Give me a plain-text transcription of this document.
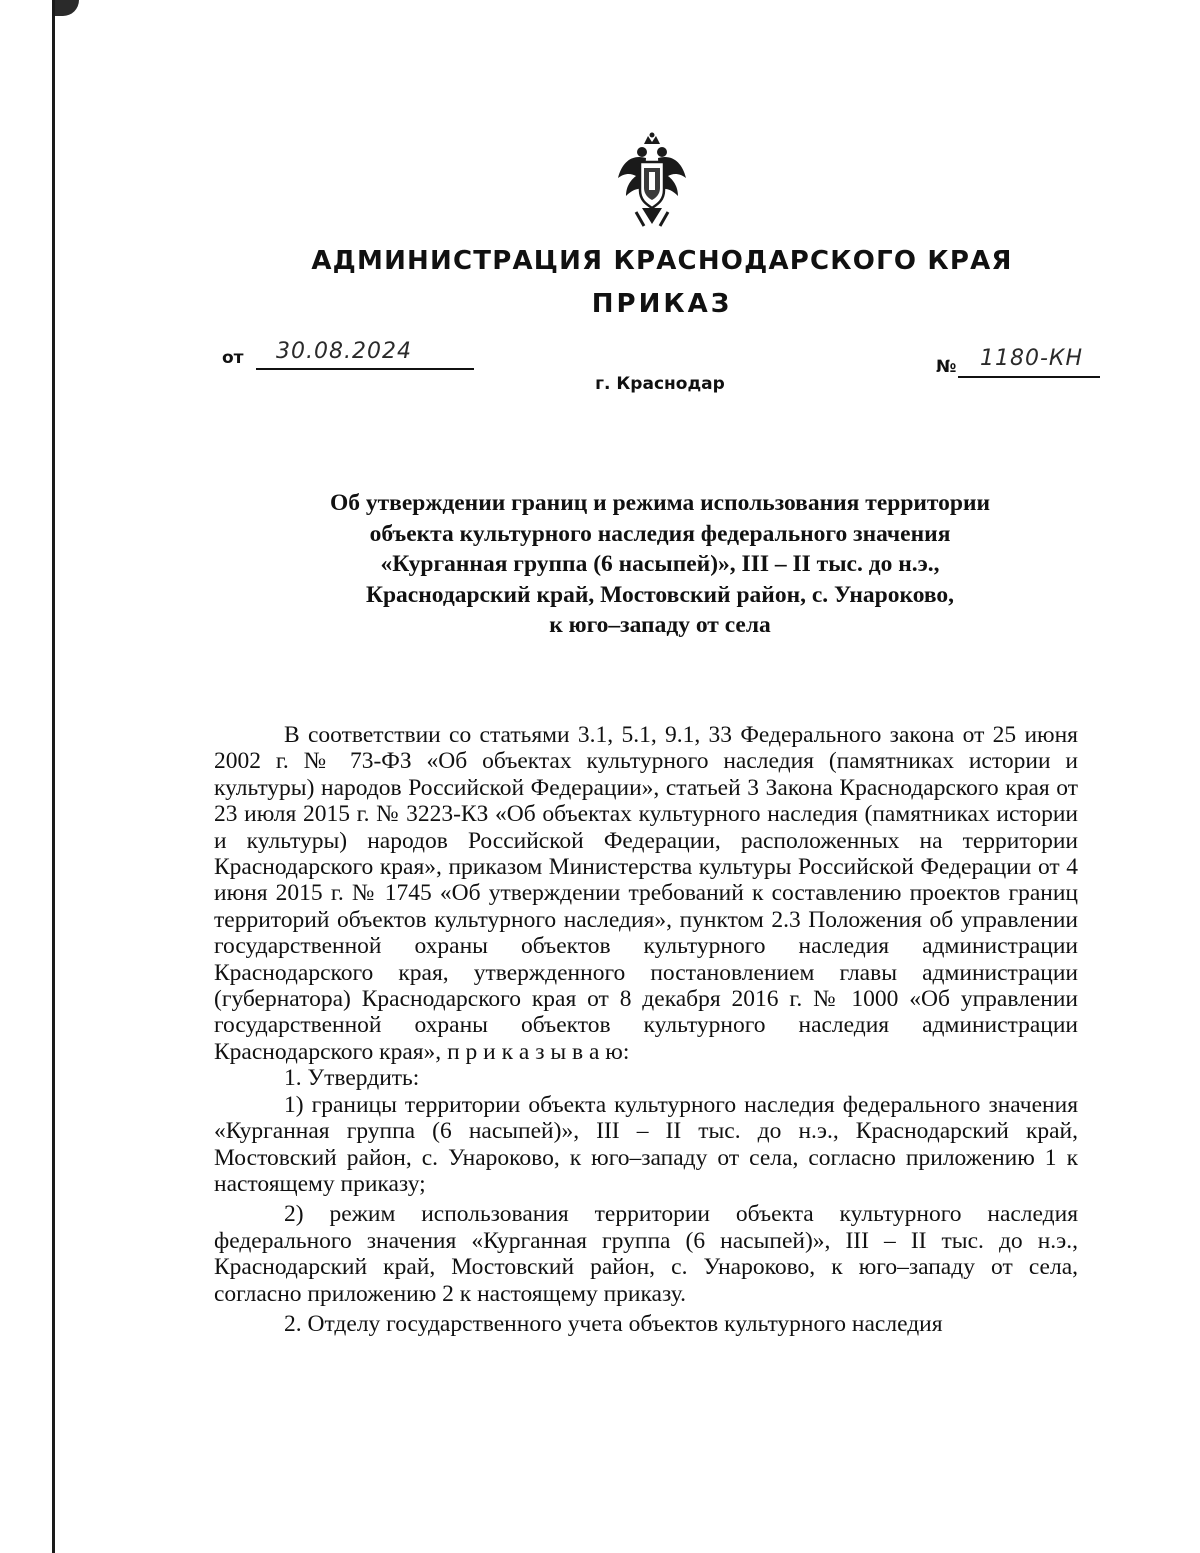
АДМИНИСТРАЦИЯ КРАСНОДАРСКОГО КРАЯ
ПРИКАЗ
от 30.08.2024
г. Краснодар
№ 1180-КН
Об утверждении границ и режима использования территории
объекта культурного наследия федерального значения
«Курганная группа (6 насыпей)», III – II тыс. до н.э.,
Краснодарский край, Мостовский район, с. Унароково,
к юго–западу от села

В соответствии со статьями 3.1, 5.1, 9.1, 33 Федерального закона от 25 июня 2002 г. № 73-ФЗ «Об объектах культурного наследия (памятниках истории и культуры) народов Российской Федерации», статьей 3 Закона Краснодарского края от 23 июля 2015 г. № 3223-КЗ «Об объектах культурного наследия (памятниках истории и культуры) народов Российской Федерации, расположенных на территории Краснодарского края», приказом Министерства культуры Российской Федерации от 4 июня 2015 г. № 1745 «Об утверждении требований к составлению проектов границ территорий объектов культурного наследия», пунктом 2.3 Положения об управлении государственной охраны объектов культурного наследия администрации Краснодарского края, утвержденного постановлением главы администрации (губернатора) Краснодарского края от 8 декабря 2016 г. № 1000 «Об управлении государственной охраны объектов культурного наследия администрации Краснодарского края», п р и к а з ы в а ю:

1. Утвердить:

1) границы территории объекта культурного наследия федерального значения «Курганная группа (6 насыпей)», III – II тыс. до н.э., Краснодарский край, Мостовский район, с. Унароково, к юго–западу от села, согласно приложению 1 к настоящему приказу;

2) режим использования территории объекта культурного наследия федерального значения «Курганная группа (6 насыпей)», III – II тыс. до н.э., Краснодарский край, Мостовский район, с. Унароково, к юго–западу от села, согласно приложению 2 к настоящему приказу.

2. Отделу государственного учета объектов культурного наследия
